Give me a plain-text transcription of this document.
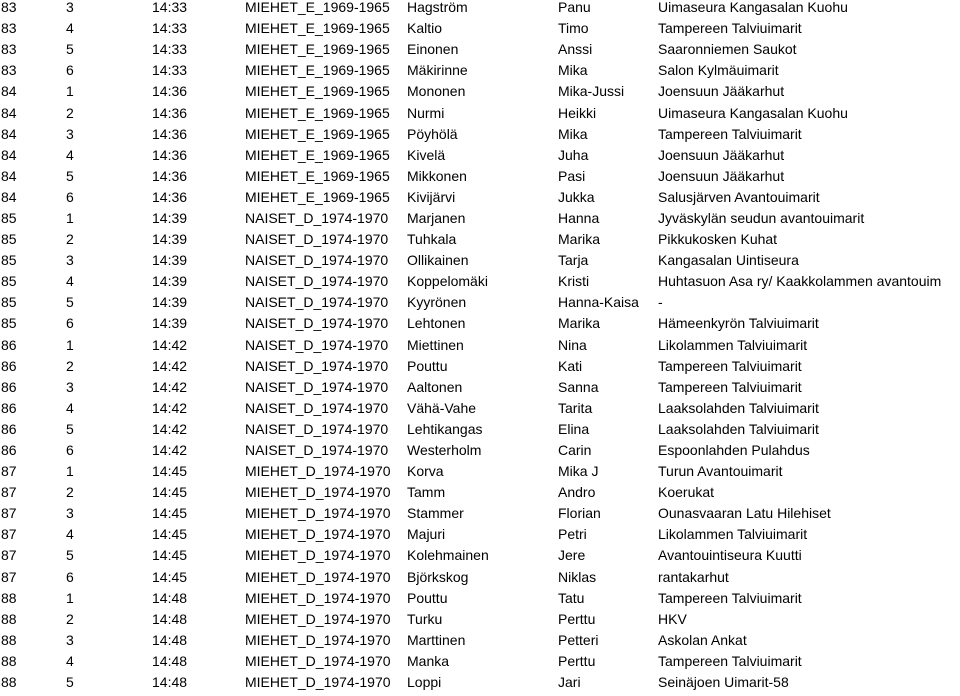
83	3	14:33	MIEHET_E_1969-1965	Hagström	Panu	Uimaseura Kangasalan Kuohu
83	4	14:33	MIEHET_E_1969-1965	Kaltio	Timo	Tampereen Talviuimarit
83	5	14:33	MIEHET_E_1969-1965	Einonen	Anssi	Saaronniemen Saukot
83	6	14:33	MIEHET_E_1969-1965	Mäkirinne	Mika	Salon Kylmäuimarit
84	1	14:36	MIEHET_E_1969-1965	Mononen	Mika-Jussi	Joensuun Jääkarhut
84	2	14:36	MIEHET_E_1969-1965	Nurmi	Heikki	Uimaseura Kangasalan Kuohu
84	3	14:36	MIEHET_E_1969-1965	Pöyhölä	Mika	Tampereen Talviuimarit
84	4	14:36	MIEHET_E_1969-1965	Kivelä	Juha	Joensuun Jääkarhut
84	5	14:36	MIEHET_E_1969-1965	Mikkonen	Pasi	Joensuun Jääkarhut
84	6	14:36	MIEHET_E_1969-1965	Kivijärvi	Jukka	Salusjärven Avantouimarit
85	1	14:39	NAISET_D_1974-1970	Marjanen	Hanna	Jyväskylän seudun avantouimarit
85	2	14:39	NAISET_D_1974-1970	Tuhkala	Marika	Pikkukosken Kuhat
85	3	14:39	NAISET_D_1974-1970	Ollikainen	Tarja	Kangasalan Uintiseura
85	4	14:39	NAISET_D_1974-1970	Koppelomäki	Kristi	Huhtasuon Asa ry/ Kaakkolammen avantouim
85	5	14:39	NAISET_D_1974-1970	Kyyrönen	Hanna-Kaisa	-
85	6	14:39	NAISET_D_1974-1970	Lehtonen	Marika	Hämeenkyrön Talviuimarit
86	1	14:42	NAISET_D_1974-1970	Miettinen	Nina	Likolammen Talviuimarit
86	2	14:42	NAISET_D_1974-1970	Pouttu	Kati	Tampereen Talviuimarit
86	3	14:42	NAISET_D_1974-1970	Aaltonen	Sanna	Tampereen Talviuimarit
86	4	14:42	NAISET_D_1974-1970	Vähä-Vahe	Tarita	Laaksolahden Talviuimarit
86	5	14:42	NAISET_D_1974-1970	Lehtikangas	Elina	Laaksolahden Talviuimarit
86	6	14:42	NAISET_D_1974-1970	Westerholm	Carin	Espoonlahden Pulahdus
87	1	14:45	MIEHET_D_1974-1970	Korva	Mika J	Turun Avantouimarit
87	2	14:45	MIEHET_D_1974-1970	Tamm	Andro	Koerukat
87	3	14:45	MIEHET_D_1974-1970	Stammer	Florian	Ounasvaaran Latu Hilehiset
87	4	14:45	MIEHET_D_1974-1970	Majuri	Petri	Likolammen Talviuimarit
87	5	14:45	MIEHET_D_1974-1970	Kolehmainen	Jere	Avantouintiseura Kuutti
87	6	14:45	MIEHET_D_1974-1970	Björkskog	Niklas	rantakarhut
88	1	14:48	MIEHET_D_1974-1970	Pouttu	Tatu	Tampereen Talviuimarit
88	2	14:48	MIEHET_D_1974-1970	Turku	Perttu	HKV
88	3	14:48	MIEHET_D_1974-1970	Marttinen	Petteri	Askolan Ankat
88	4	14:48	MIEHET_D_1974-1970	Manka	Perttu	Tampereen Talviuimarit
88	5	14:48	MIEHET_D_1974-1970	Loppi	Jari	Seinäjoen Uimarit-58
